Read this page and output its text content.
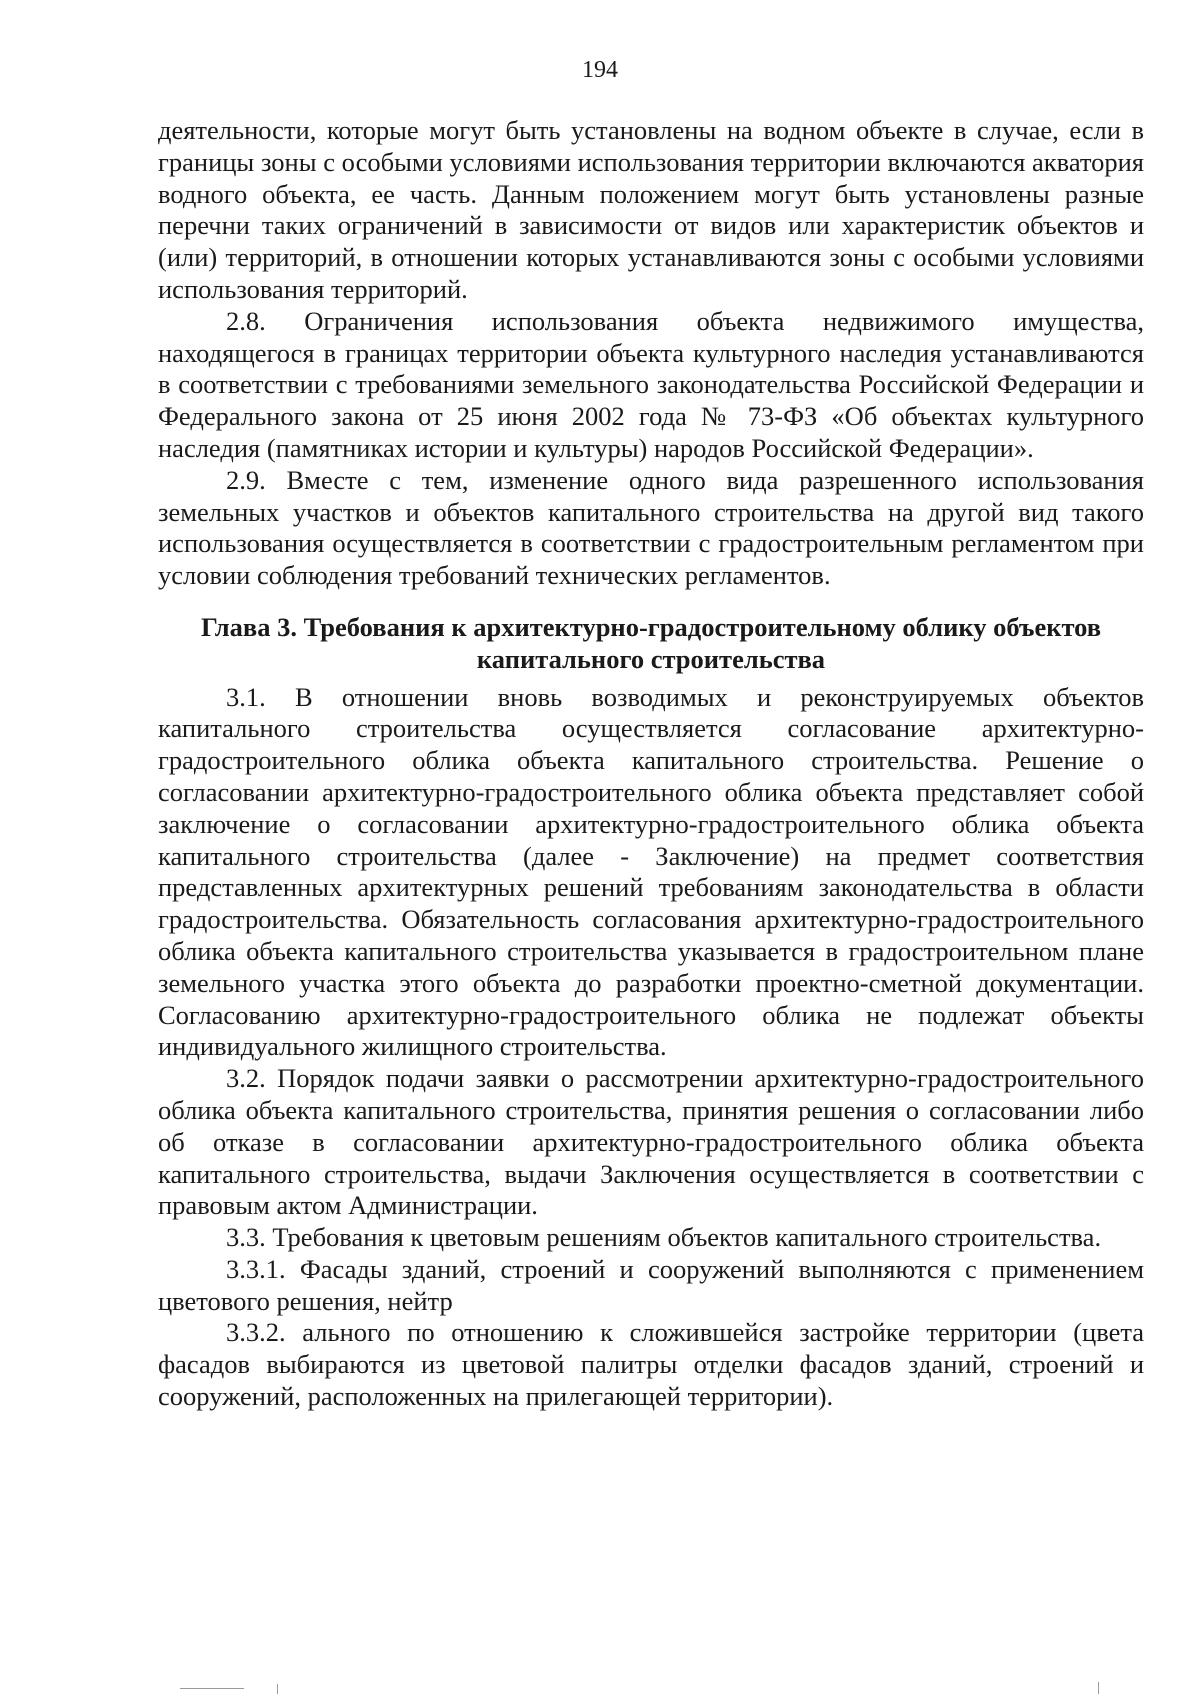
194

деятельности, которые могут быть установлены на водном объекте в случае, если в границы зоны с особыми условиями использования территории включаются акватория водного объекта, ее часть. Данным положением могут быть установлены разные перечни таких ограничений в зависимости от видов или характеристик объектов и (или) территорий, в отношении которых устанавливаются зоны с особыми условиями использования территорий.

2.8. Ограничения использования объекта недвижимого имущества, находящегося в границах территории объекта культурного наследия устанавливаются в соответствии с требованиями земельного законодательства Российской Федерации и Федерального закона от 25 июня 2002 года № 73-ФЗ «Об объектах культурного наследия (памятниках истории и культуры) народов Российской Федерации».

2.9. Вместе с тем, изменение одного вида разрешенного использования земельных участков и объектов капитального строительства на другой вид такого использования осуществляется в соответствии с градостроительным регламентом при условии соблюдения требований технических регламентов.

Глава 3. Требования к архитектурно-градостроительному облику объектов
капитального строительства

3.1. В отношении вновь возводимых и реконструируемых объектов капитального строительства осуществляется согласование архитектурно-градостроительного облика объекта капитального строительства. Решение о согласовании архитектурно-градостроительного облика объекта представляет собой заключение о согласовании архитектурно-градостроительного облика объекта капитального строительства (далее - Заключение) на предмет соответствия представленных архитектурных решений требованиям законодательства в области градостроительства. Обязательность согласования архитектурно-градостроительного облика объекта капитального строительства указывается в градостроительном плане земельного участка этого объекта до разработки проектно-сметной документации. Согласованию архитектурно-градостроительного облика не подлежат объекты индивидуального жилищного строительства.

3.2. Порядок подачи заявки о рассмотрении архитектурно-градостроительного облика объекта капитального строительства, принятия решения о согласовании либо об отказе в согласовании архитектурно-градостроительного облика объекта капитального строительства, выдачи Заключения осуществляется в соответствии с правовым актом Администрации.

3.3. Требования к цветовым решениям объектов капитального строительства.

3.3.1. Фасады зданий, строений и сооружений выполняются с применением цветового решения, нейтр

3.3.2. ального по отношению к сложившейся застройке территории (цвета фасадов выбираются из цветовой палитры отделки фасадов зданий, строений и сооружений, расположенных на прилегающей территории).
